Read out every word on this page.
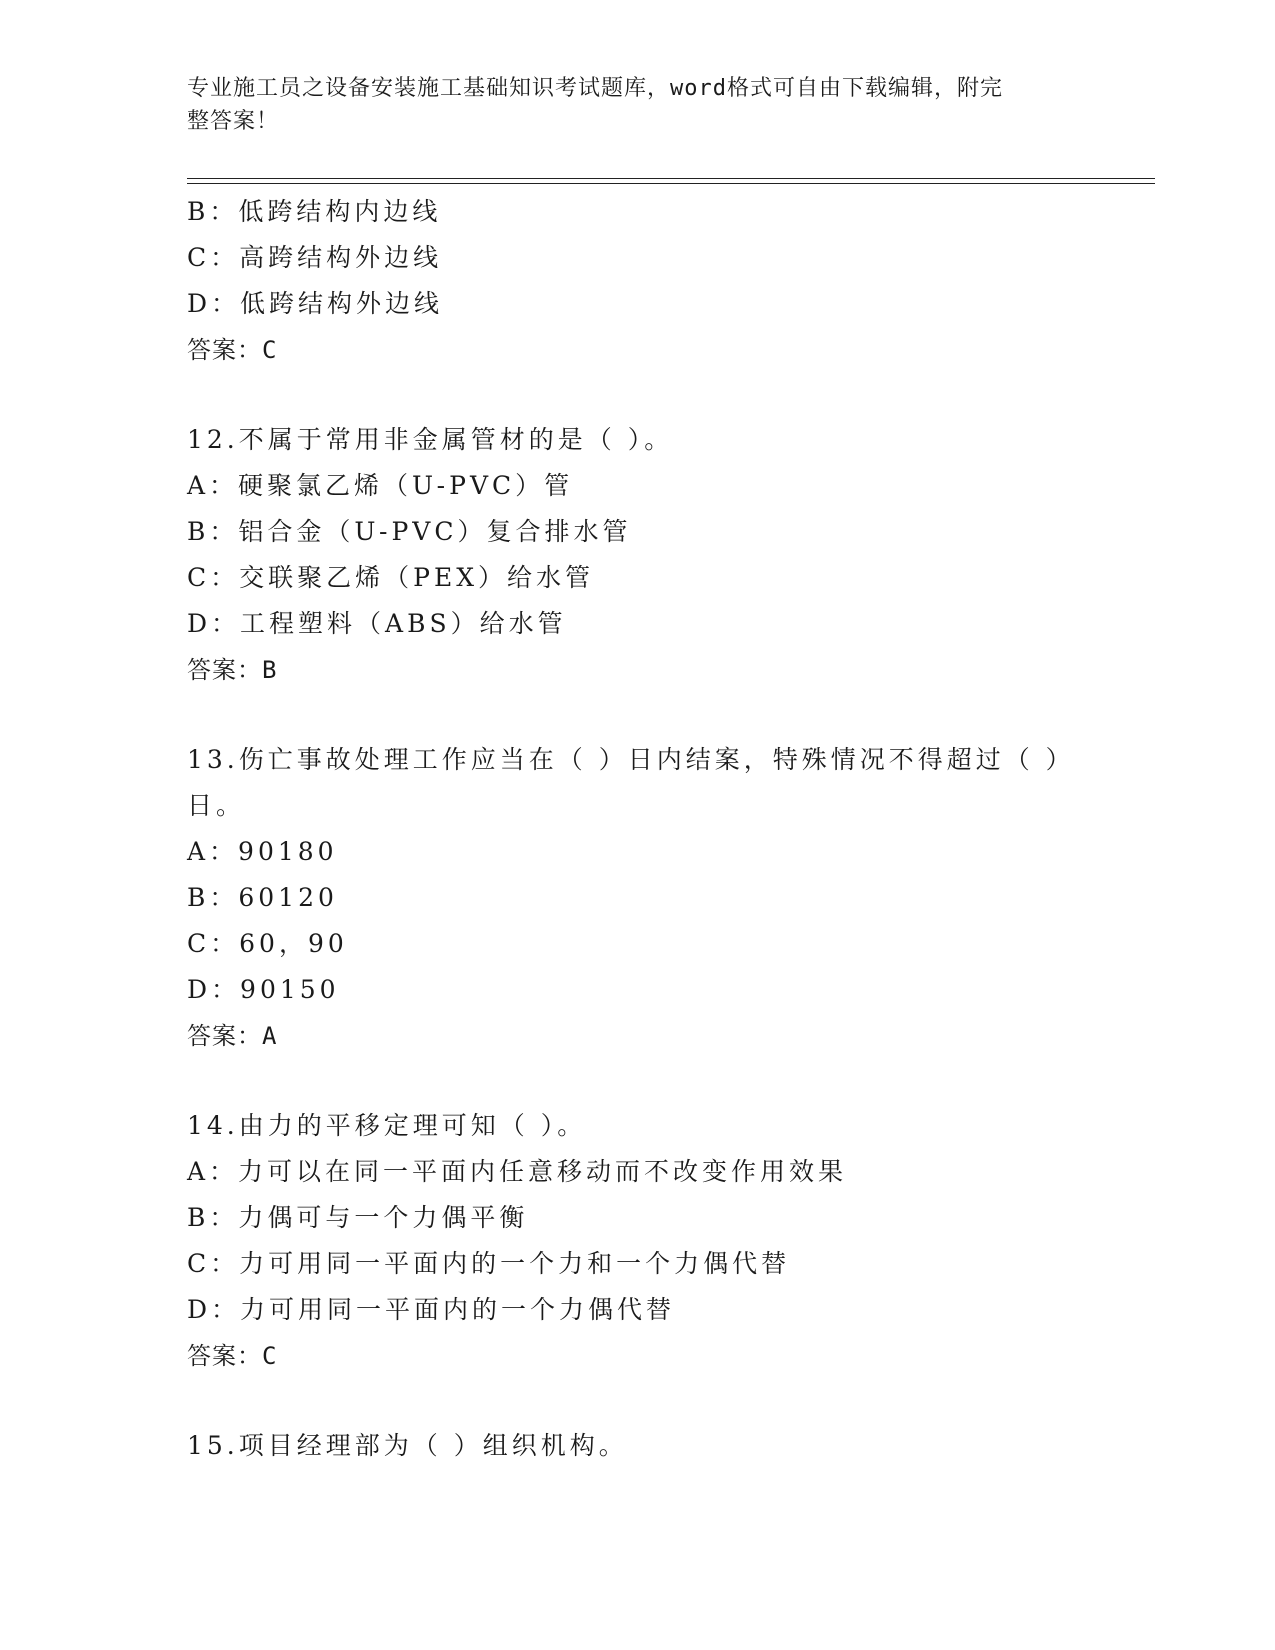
专业施工员之设备安装施工基础知识考试题库，word格式可自由下载编辑，附完
整答案！
B：低跨结构内边线
C：高跨结构外边线
D：低跨结构外边线
答案：C
12.不属于常用非金属管材的是（ ）。
A：硬聚氯乙烯（U-PVC）管
B：铝合金（U-PVC）复合排水管
C：交联聚乙烯（PEX）给水管
D：工程塑料（ABS）给水管
答案：B
13.伤亡事故处理工作应当在（ ）日内结案，特殊情况不得超过（ ）
日。
A：90180
B：60120
C：60，90
D：90150
答案：A
14.由力的平移定理可知（ ）。
A：力可以在同一平面内任意移动而不改变作用效果
B：力偶可与一个力偶平衡
C：力可用同一平面内的一个力和一个力偶代替
D：力可用同一平面内的一个力偶代替
答案：C
15.项目经理部为（ ）组织机构。
